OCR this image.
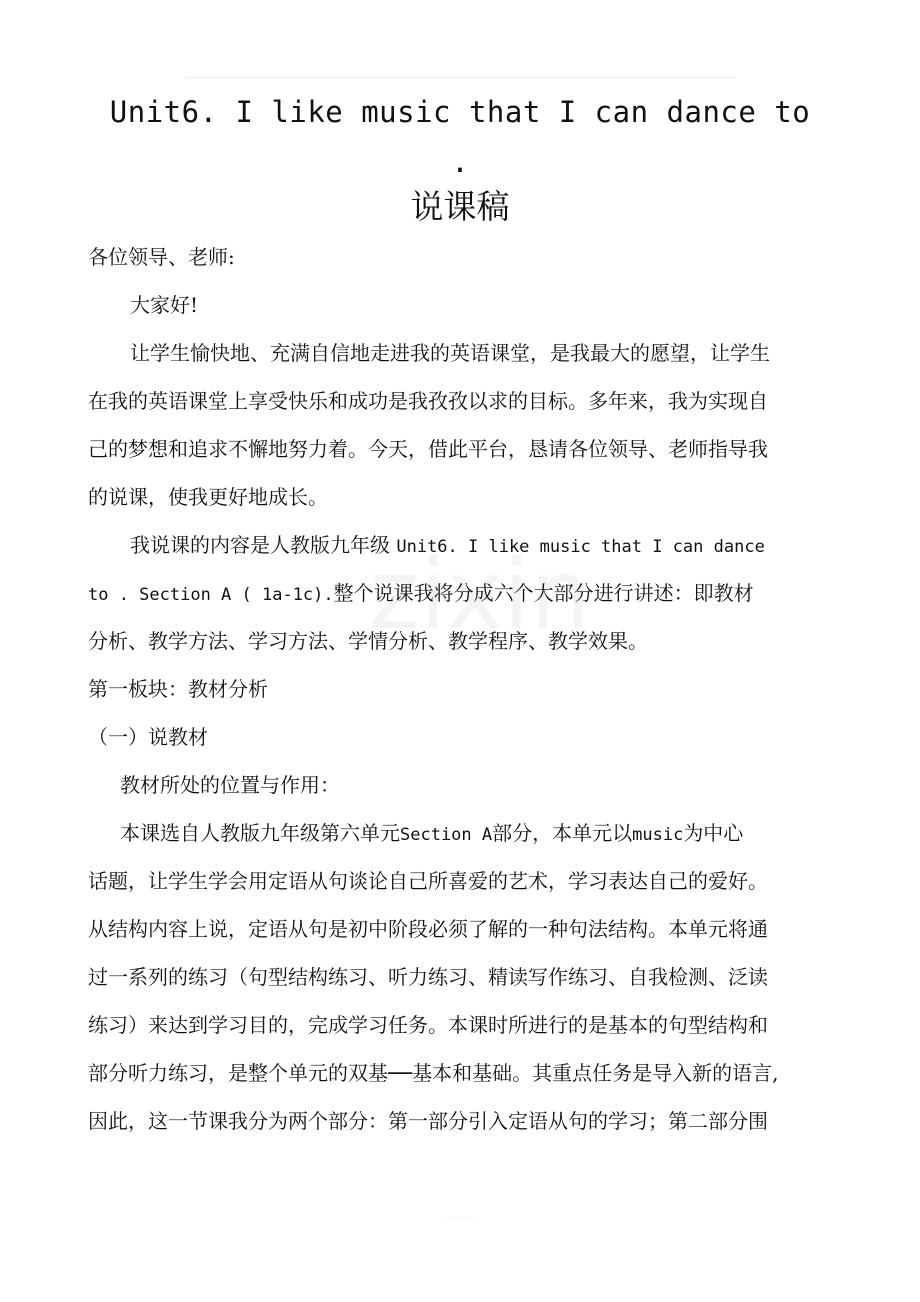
Unit6. I like music that I can dance to
.
说课稿
各位领导、老师:
大家好!
让学生愉快地、充满自信地走进我的英语课堂，是我最大的愿望，让学生
在我的英语课堂上享受快乐和成功是我孜孜以求的目标。多年来，我为实现自
己的梦想和追求不懈地努力着。今天，借此平台，恳请各位领导、老师指导我
的说课，使我更好地成长。
我说课的内容是人教版九年级 Unit6. I like music that I can dance
to . Section A ( 1a-1c).整个说课我将分成六个大部分进行讲述：即教材
分析、教学方法、学习方法、学情分析、教学程序、教学效果。
第一板块：教材分析
（一）说教材
教材所处的位置与作用：
本课选自人教版九年级第六单元Section A部分，本单元以music为中心
话题，让学生学会用定语从句谈论自己所喜爱的艺术，学习表达自己的爱好。
从结构内容上说，定语从句是初中阶段必须了解的一种句法结构。本单元将通
过一系列的练习（句型结构练习、听力练习、精读写作练习、自我检测、泛读
练习）来达到学习目的，完成学习任务。本课时所进行的是基本的句型结构和
部分听力练习，是整个单元的双基──基本和基础。其重点任务是导入新的语言,
因此，这一节课我分为两个部分：第一部分引入定语从句的学习；第二部分围
